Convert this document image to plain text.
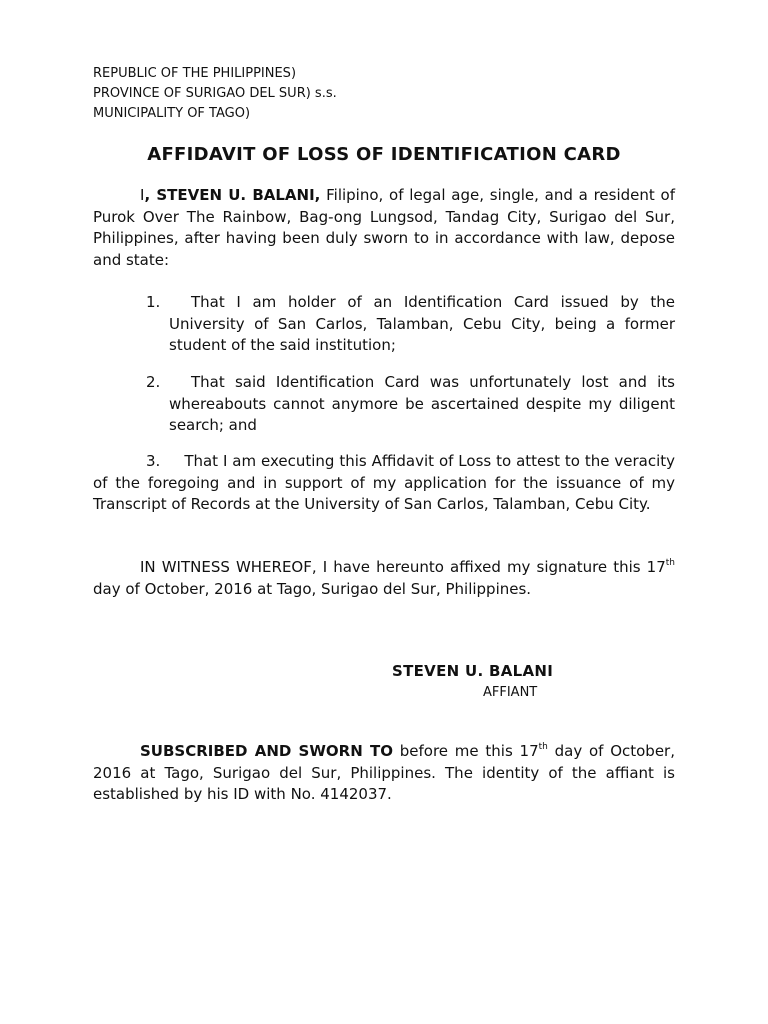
REPUBLIC OF THE PHILIPPINES)
PROVINCE OF SURIGAO DEL SUR) s.s.
MUNICIPALITY OF TAGO)
AFFIDAVIT OF LOSS OF IDENTIFICATION CARD
I, STEVEN U. BALANI, Filipino, of legal age, single, and a resident of Purok Over The Rainbow, Bag-ong Lungsod, Tandag City, Surigao del Sur, Philippines, after having been duly sworn to in accordance with law, depose and state:
1.	That I am holder of an Identification Card issued by the University of San Carlos, Talamban, Cebu City, being a former student of the said institution;
2.	That said Identification Card was unfortunately lost and its whereabouts cannot anymore be ascertained despite my diligent search; and
3. That I am executing this Affidavit of Loss to attest to the veracity of the foregoing and in support of my application for the issuance of my Transcript of Records at the University of San Carlos, Talamban, Cebu City.
IN WITNESS WHEREOF, I have hereunto affixed my signature this 17th day of October, 2016 at Tago, Surigao del Sur, Philippines.
STEVEN U. BALANI
AFFIANT
SUBSCRIBED AND SWORN TO before me this 17th day of October, 2016 at Tago, Surigao del Sur, Philippines. The identity of the affiant is established by his ID with No. 4142037.
